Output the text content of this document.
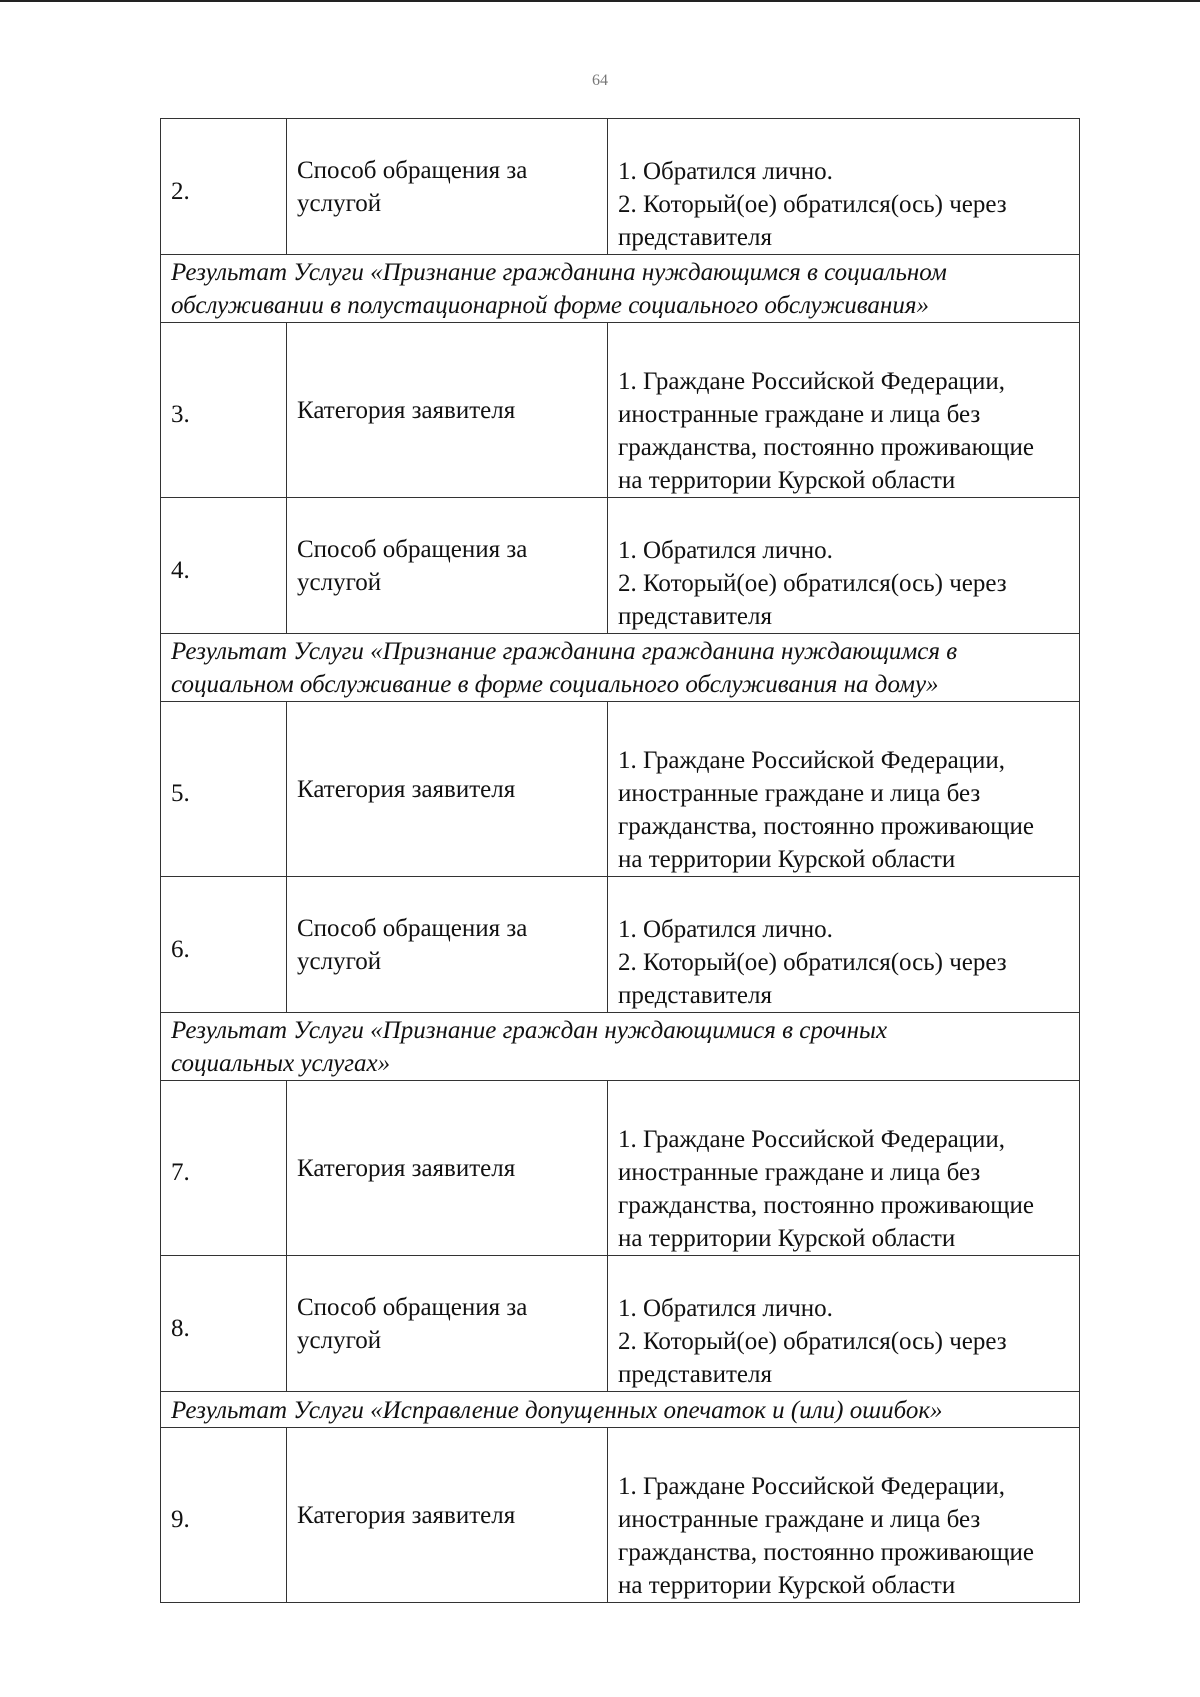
64
2.	Способ обращения за
услугой	1. Обратился лично.
2. Который(ое) обратился(ось) через
представителя

Результат Услуги «Признание гражданина нуждающимся в социальном
обслуживании в полустационарной форме социального обслуживания»		

3.	Категория заявителя	1. Граждане Российской Федерации,
иностранные граждане и лица без
гражданства, постоянно проживающие
на территории Курской области

4.	Способ обращения за
услугой	1. Обратился лично.
2. Который(ое) обратился(ось) через
представителя

Результат Услуги «Признание гражданина гражданина нуждающимся в
социальном обслуживание в форме социального обслуживания на дому»		

5.	Категория заявителя	1. Граждане Российской Федерации,
иностранные граждане и лица без
гражданства, постоянно проживающие
на территории Курской области

6.	Способ обращения за
услугой	1. Обратился лично.
2. Который(ое) обратился(ось) через
представителя

Результат Услуги «Признание граждан нуждающимися в срочных
социальных услугах»		

7.	Категория заявителя	1. Граждане Российской Федерации,
иностранные граждане и лица без
гражданства, постоянно проживающие
на территории Курской области

8.	Способ обращения за
услугой	1. Обратился лично.
2. Который(ое) обратился(ось) через
представителя

Результат Услуги «Исправление допущенных опечаток и (или) ошибок»		

9.	Категория заявителя	1. Граждане Российской Федерации,
иностранные граждане и лица без
гражданства, постоянно проживающие
на территории Курской области
